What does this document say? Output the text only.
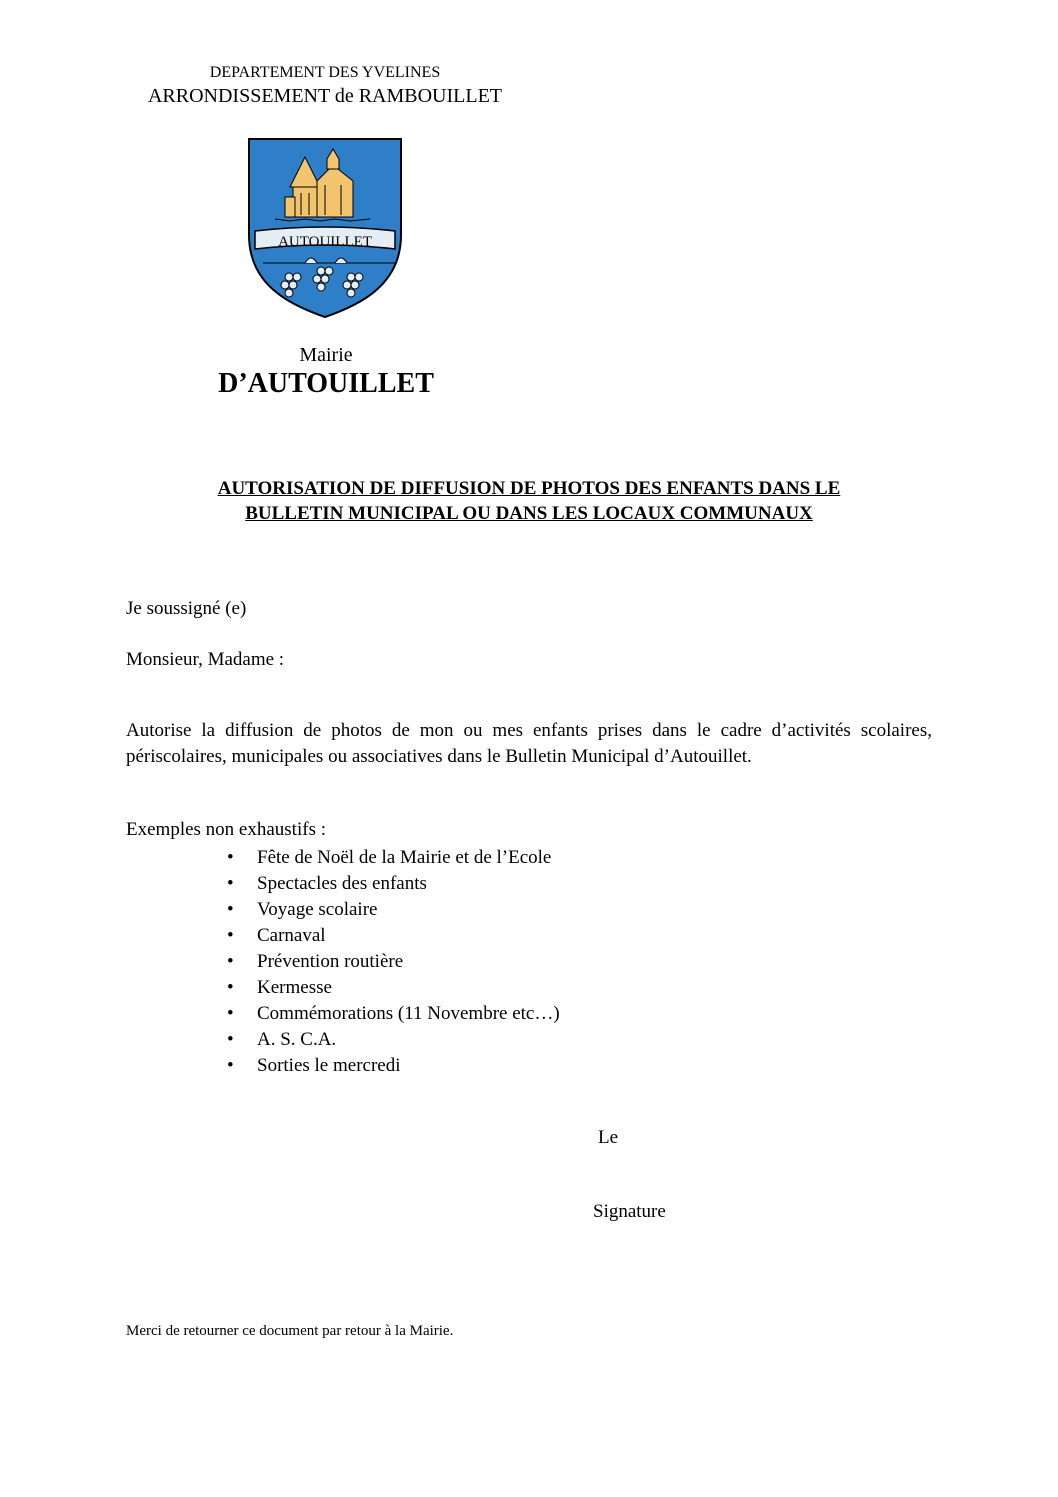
DEPARTEMENT DES YVELINES
ARRONDISSEMENT de RAMBOUILLET
AUTOUILLET
Mairie
D’AUTOUILLET
AUTORISATION DE DIFFUSION DE PHOTOS DES ENFANTS DANS LE
BULLETIN MUNICIPAL OU DANS LES LOCAUX COMMUNAUX
Je soussigné (e)
Monsieur, Madame :
Autorise la diffusion de photos de mon ou mes enfants prises dans le cadre d’activités scolaires, périscolaires, municipales ou associatives dans le Bulletin Municipal d’Autouillet.
Exemples non exhaustifs :
•	Fête de Noël de la Mairie et de l’Ecole
•	Spectacles des enfants
•	Voyage scolaire
•	Carnaval
•	Prévention routière
•	Kermesse
•	Commémorations (11 Novembre etc…)
•	A. S. C.A.
•	Sorties le mercredi
Le
Signature
Merci de retourner ce document par retour à la Mairie.
